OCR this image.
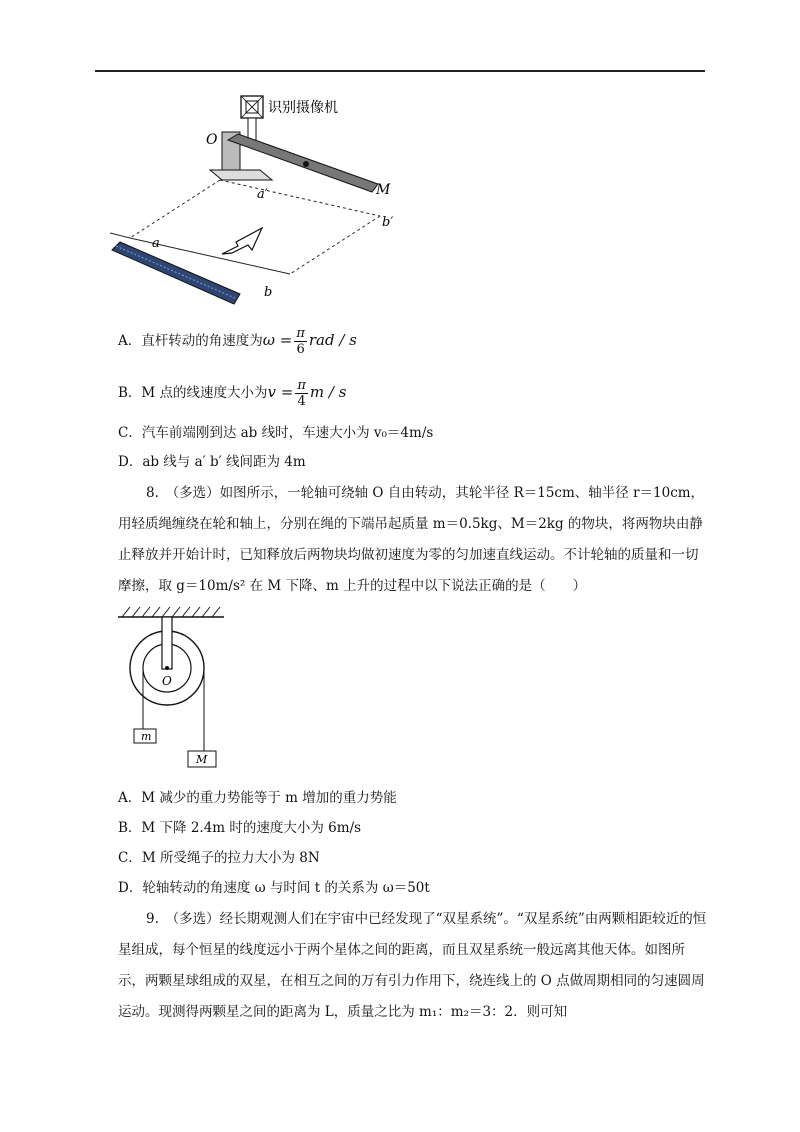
识别摄像机
O
M
a′
b′
a
b
A．直杆转动的角速度为$\omega = \frac{\pi}{6}$ rad / s
B．M 点的线速度大小为$v = \frac{\pi}{4}$ m / s
C．汽车前端刚到达 ab 线时，车速大小为 v₀＝4m/s
D．ab 线与 a′ b′ 线间距为 4m
8.　（多选）如图所示，一轮轴可绕轴 O 自由转动，其轮半径 R＝15cm、轴半径 r＝10cm，用轻质绳缠绕在轮和轴上，分别在绳的下端吊起质量 m＝0.5kg、M＝2kg 的物块，将两物块由静止释放并开始计时，已知释放后两物块均做初速度为零的匀加速直线运动。不计轮轴的质量和一切摩擦，取 g＝10m/s² 在 M 下降、m 上升的过程中以下说法正确的是（　　）
O
m
M
A．M 减少的重力势能等于 m 增加的重力势能
B．M 下降 2.4m 时的速度大小为 6m/s
C．M 所受绳子的拉力大小为 8N
D．轮轴转动的角速度 ω 与时间 t 的关系为 ω＝50t
9.　（多选）经长期观测人们在宇宙中已经发现了“双星系统”。“双星系统”由两颗相距较近的恒星组成，每个恒星的线度远小于两个星体之间的距离，而且双星系统一般远离其他天体。如图所示，两颗星球组成的双星，在相互之间的万有引力作用下，绕连线上的 O 点做周期相同的匀速圆周运动。现测得两颗星之间的距离为 L，质量之比为 m₁：m₂＝3：2．则可知
